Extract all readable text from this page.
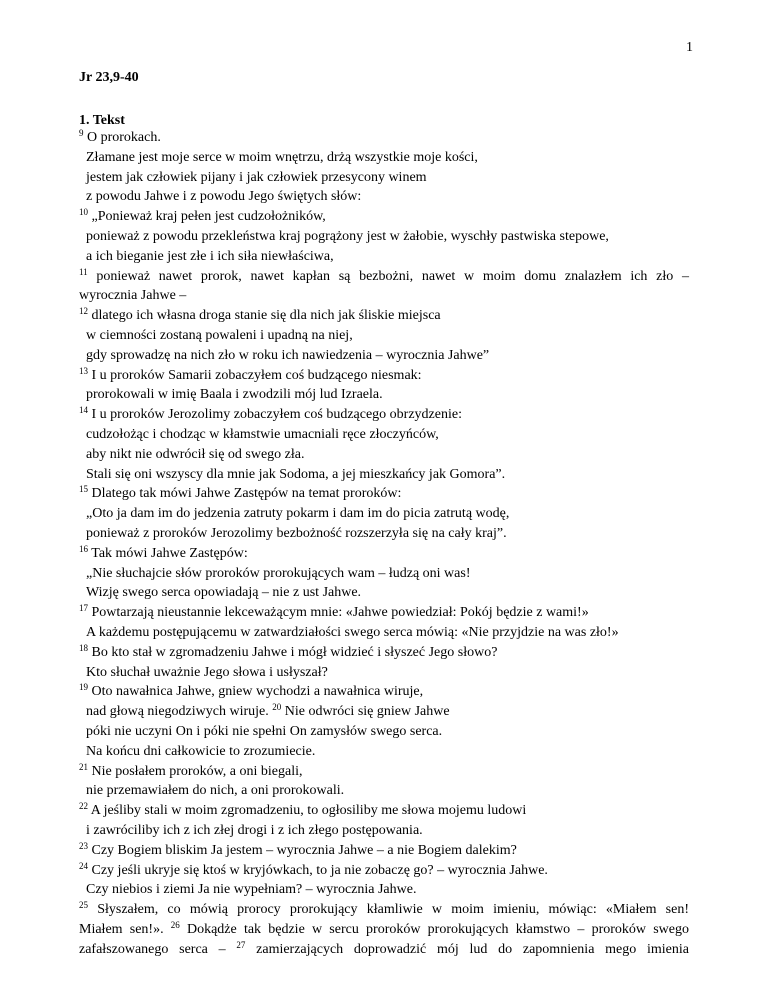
1
Jr 23,9-40
1. Tekst
$^9$ O prorokach.
Złamane jest moje serce w moim wnętrzu, drżą wszystkie moje kości,
jestem jak człowiek pijany i jak człowiek przesycony winem
z powodu Jahwe i z powodu Jego świętych słów:
$^{10}$ „Ponieważ kraj pełen jest cudzołożników,
ponieważ z powodu przekleństwa kraj pogrążony jest w żałobie, wyschły pastwiska stepowe,
a ich bieganie jest złe i ich siła niewłaściwa,
$^{11}$ ponieważ nawet prorok, nawet kapłan są bezbożni, nawet w moim domu znalazłem ich zło –
wyrocznia Jahwe –
$^{12}$ dlatego ich własna droga stanie się dla nich jak śliskie miejsca
w ciemności zostaną powaleni i upadną na niej,
gdy sprowadzę na nich zło w roku ich nawiedzenia – wyrocznia Jahwe”
$^{13}$ I u proroków Samarii zobaczyłem coś budzącego niesmak:
prorokowali w imię Baala i zwodzili mój lud Izraela.
$^{14}$ I u proroków Jerozolimy zobaczyłem coś budzącego obrzydzenie:
cudzołożąc i chodząc w kłamstwie umacniali ręce złoczyńców,
aby nikt nie odwrócił się od swego zła.
Stali się oni wszyscy dla mnie jak Sodoma, a jej mieszkańcy jak Gomora”.
$^{15}$ Dlatego tak mówi Jahwe Zastępów na temat proroków:
„Oto ja dam im do jedzenia zatruty pokarm i dam im do picia zatrutą wodę,
ponieważ z proroków Jerozolimy bezbożność rozszerzyła się na cały kraj”.
$^{16}$ Tak mówi Jahwe Zastępów:
„Nie słuchajcie słów proroków prorokujących wam – łudzą oni was!
Wizję swego serca opowiadają – nie z ust Jahwe.
$^{17}$ Powtarzają nieustannie lekceważącym mnie: «Jahwe powiedział: Pokój będzie z wami!»
A każdemu postępującemu w zatwardziałości swego serca mówią: «Nie przyjdzie na was zło!»
$^{18}$ Bo kto stał w zgromadzeniu Jahwe i mógł widzieć i słyszeć Jego słowo?
Kto słuchał uważnie Jego słowa i usłyszał?
$^{19}$ Oto nawałnica Jahwe, gniew wychodzi a nawałnica wiruje,
nad głową niegodziwych wiruje. $^{20}$ Nie odwróci się gniew Jahwe
póki nie uczyni On i póki nie spełni On zamysłów swego serca.
Na końcu dni całkowicie to zrozumiecie.
$^{21}$ Nie posłałem proroków, a oni biegali,
nie przemawiałem do nich, a oni prorokowali.
$^{22}$ A jeśliby stali w moim zgromadzeniu, to ogłosiliby me słowa mojemu ludowi
i zawróciliby ich z ich złej drogi i z ich złego postępowania.
$^{23}$ Czy Bogiem bliskim Ja jestem – wyrocznia Jahwe – a nie Bogiem dalekim?
$^{24}$ Czy jeśli ukryje się ktoś w kryjówkach, to ja nie zobaczę go? – wyrocznia Jahwe.
Czy niebios i ziemi Ja nie wypełniam? – wyrocznia Jahwe.
$^{25}$ Słyszałem, co mówią prorocy prorokujący kłamliwie w moim imieniu, mówiąc: «Miałem sen!
Miałem sen!». $^{26}$ Dokądże tak będzie w sercu proroków prorokujących kłamstwo – proroków swego
zafałszowanego serca – $^{27}$ zamierzających doprowadzić mój lud do zapomnienia mego imienia
